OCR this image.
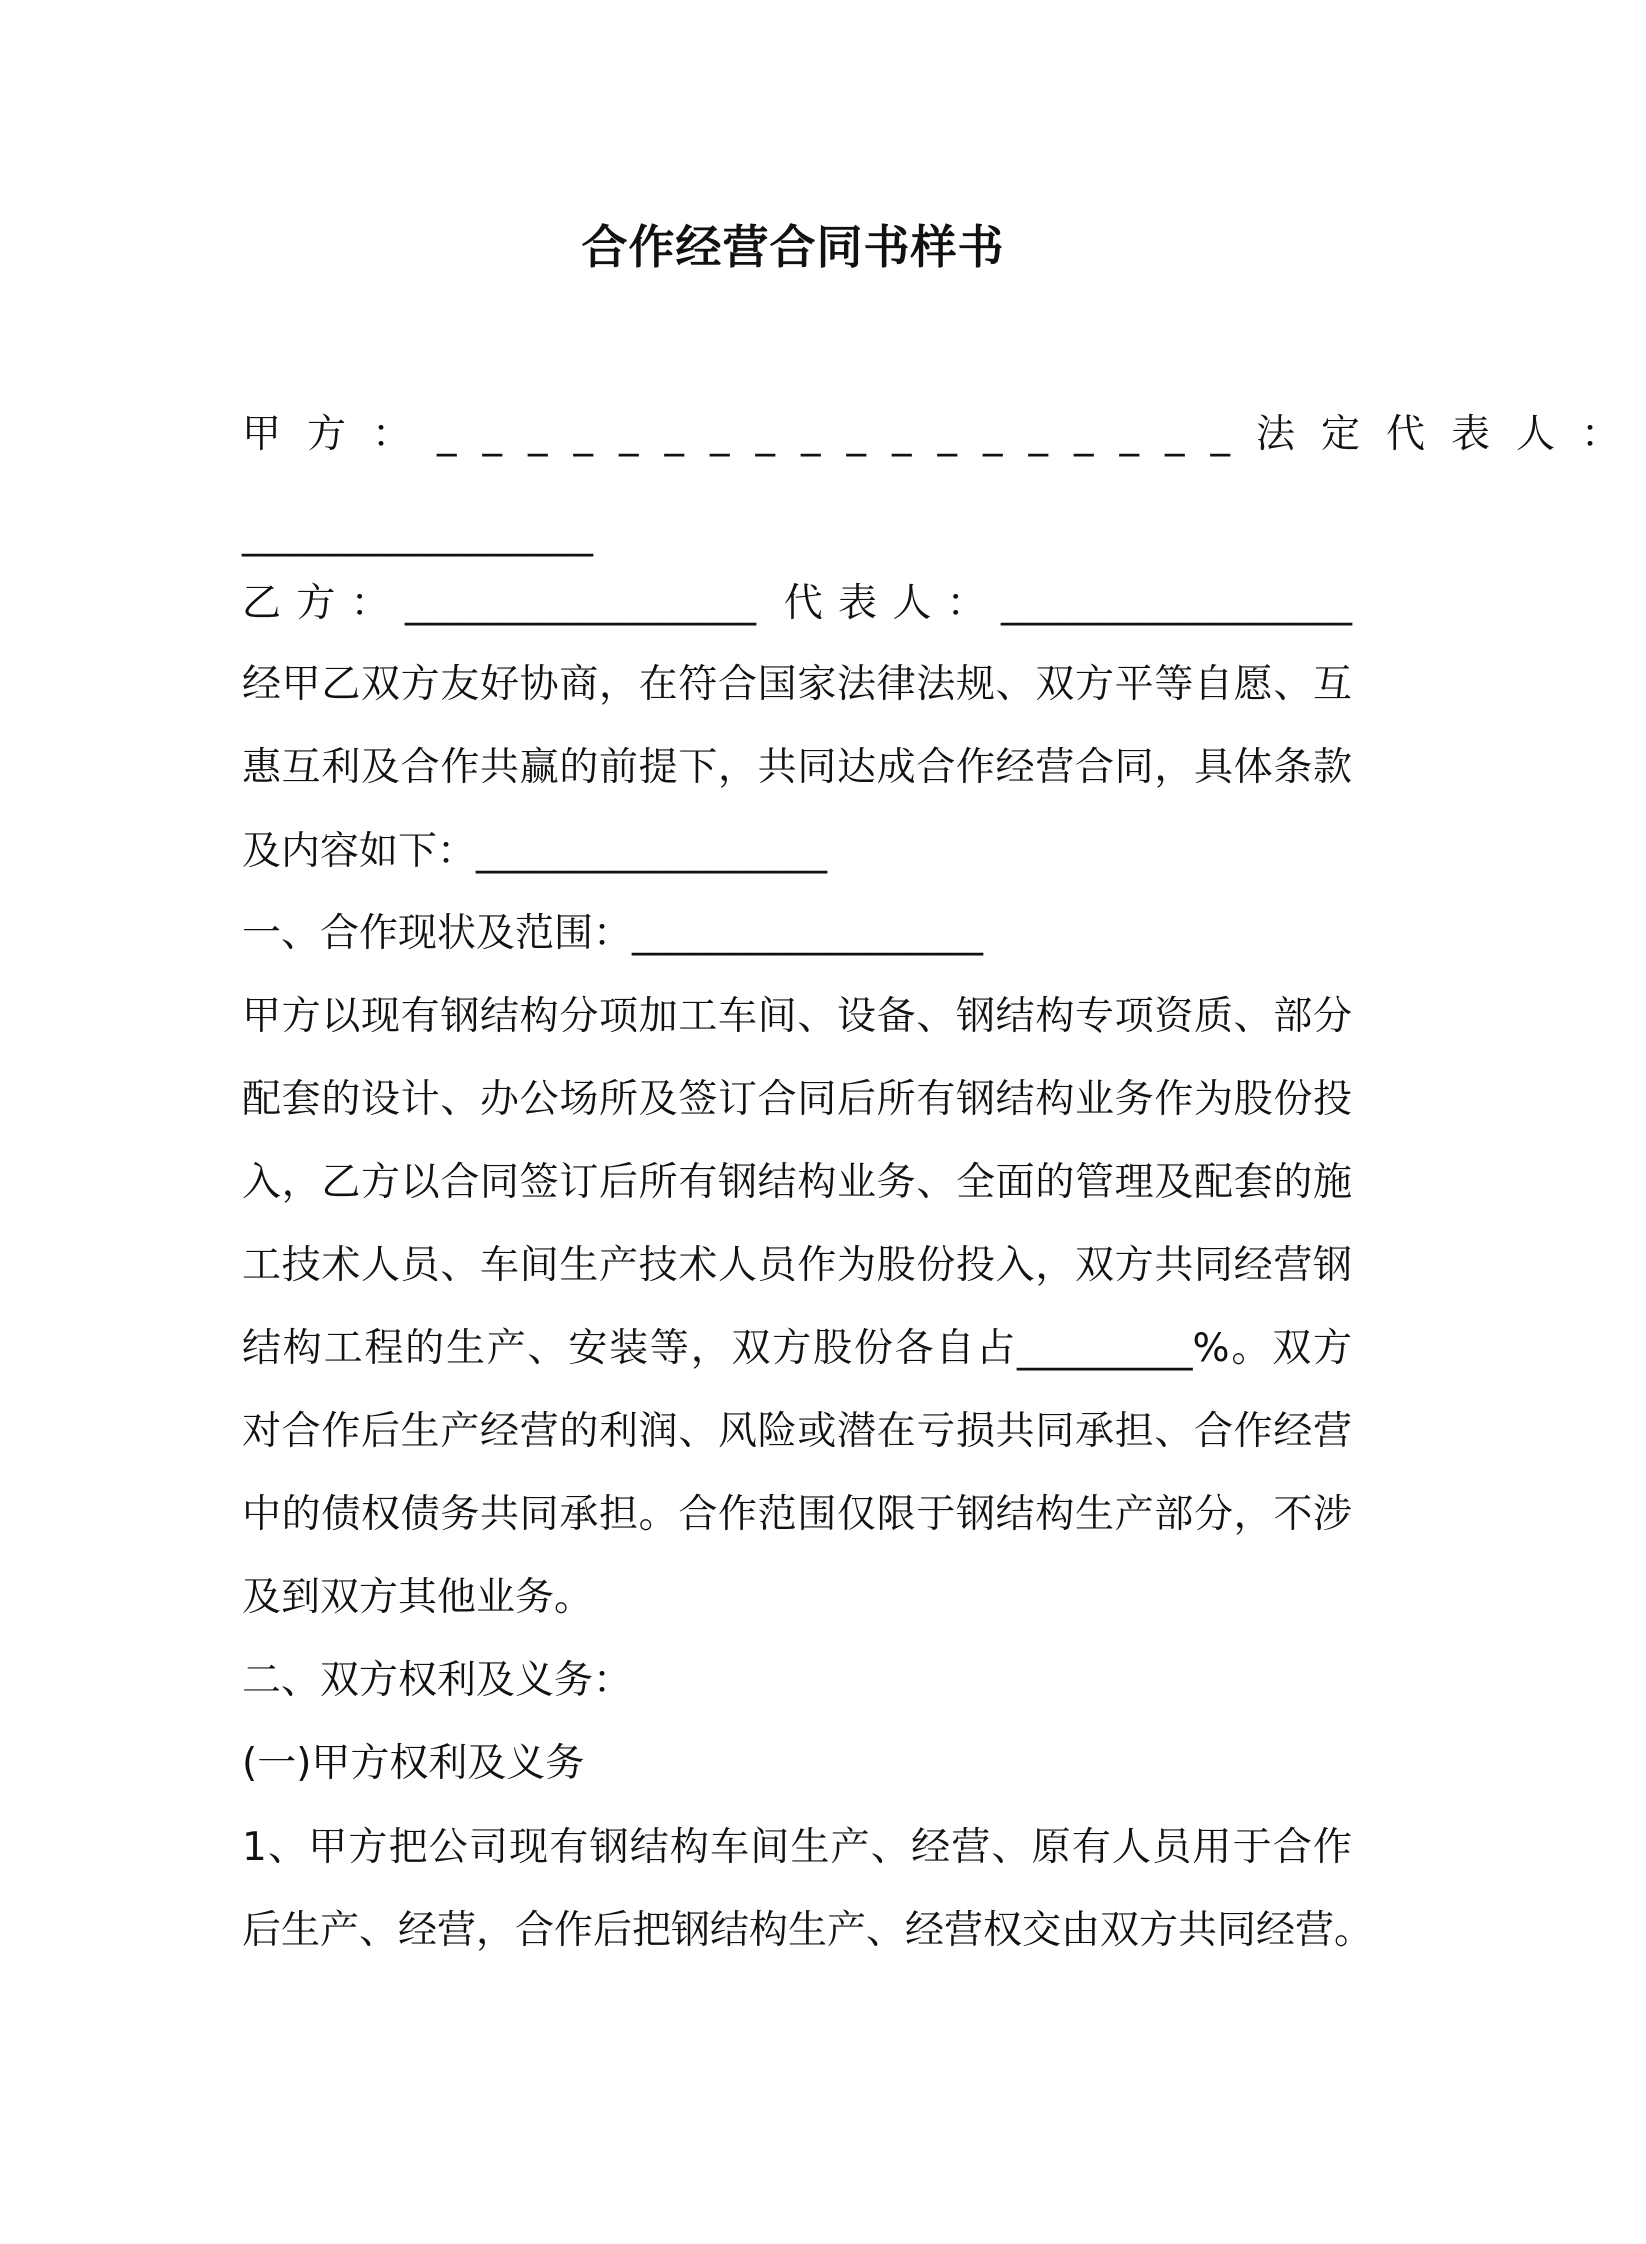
合作经营合同书样书
甲方：__________________法定代表人：
__________________
乙方：__________________ 代表人：__________________
经甲乙双方友好协商，在符合国家法律法规、双方平等自愿、互
惠互利及合作共赢的前提下，共同达成合作经营合同，具体条款
及内容如下：__________________
一、合作现状及范围：__________________
甲方以现有钢结构分项加工车间、设备、钢结构专项资质、部分
配套的设计、办公场所及签订合同后所有钢结构业务作为股份投
入，乙方以合同签订后所有钢结构业务、全面的管理及配套的施
工技术人员、车间生产技术人员作为股份投入，双方共同经营钢
结构工程的生产、安装等，双方股份各自占_________%。双方
对合作后生产经营的利润、风险或潜在亏损共同承担、合作经营
中的债权债务共同承担。合作范围仅限于钢结构生产部分，不涉
及到双方其他业务。
二、双方权利及义务：
(一)甲方权利及义务
1、甲方把公司现有钢结构车间生产、经营、原有人员用于合作
后生产、经营，合作后把钢结构生产、经营权交由双方共同经营。
